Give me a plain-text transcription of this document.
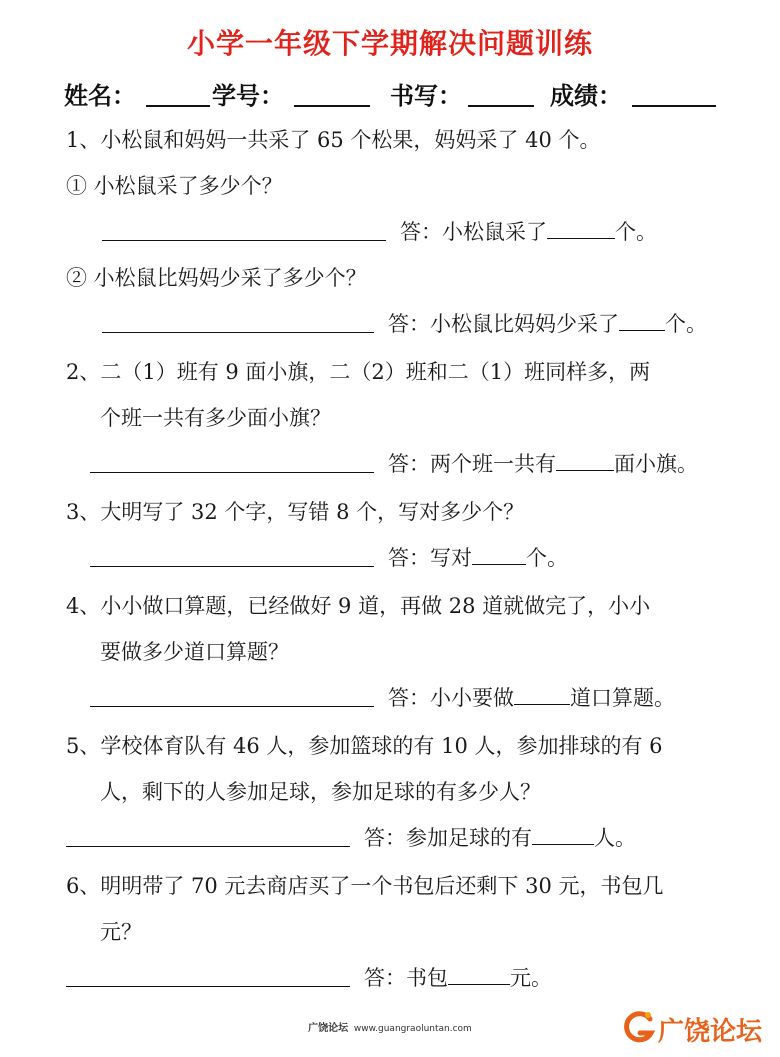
小学一年级下学期解决问题训练
姓名：	学号：	书写：	成绩：
1、小松鼠和妈妈一共采了 65 个松果，妈妈采了 40 个。
① 小松鼠采了多少个？
答：小松鼠采了	个。
② 小松鼠比妈妈少采了多少个？
答：小松鼠比妈妈少采了 个。
2、二（1）班有 9 面小旗，二（2）班和二（1）班同样多，两
个班一共有多少面小旗？
答：两个班一共有	面小旗。
3、大明写了 32 个字，写错 8 个，写对多少个？
答：写对	个。
4、小小做口算题，已经做好 9 道，再做 28 道就做完了，小小
要做多少道口算题？
答：小小要做	道口算题。
5、学校体育队有 46 人，参加篮球的有 10 人，参加排球的有 6
人，剩下的人参加足球，参加足球的有多少人？
答：参加足球的有	人。
6、明明带了 70 元去商店买了一个书包后还剩下 30 元，书包几
元？
答：书包	元。
广饶论坛 www.guangraoluntan.com	广饶论坛
